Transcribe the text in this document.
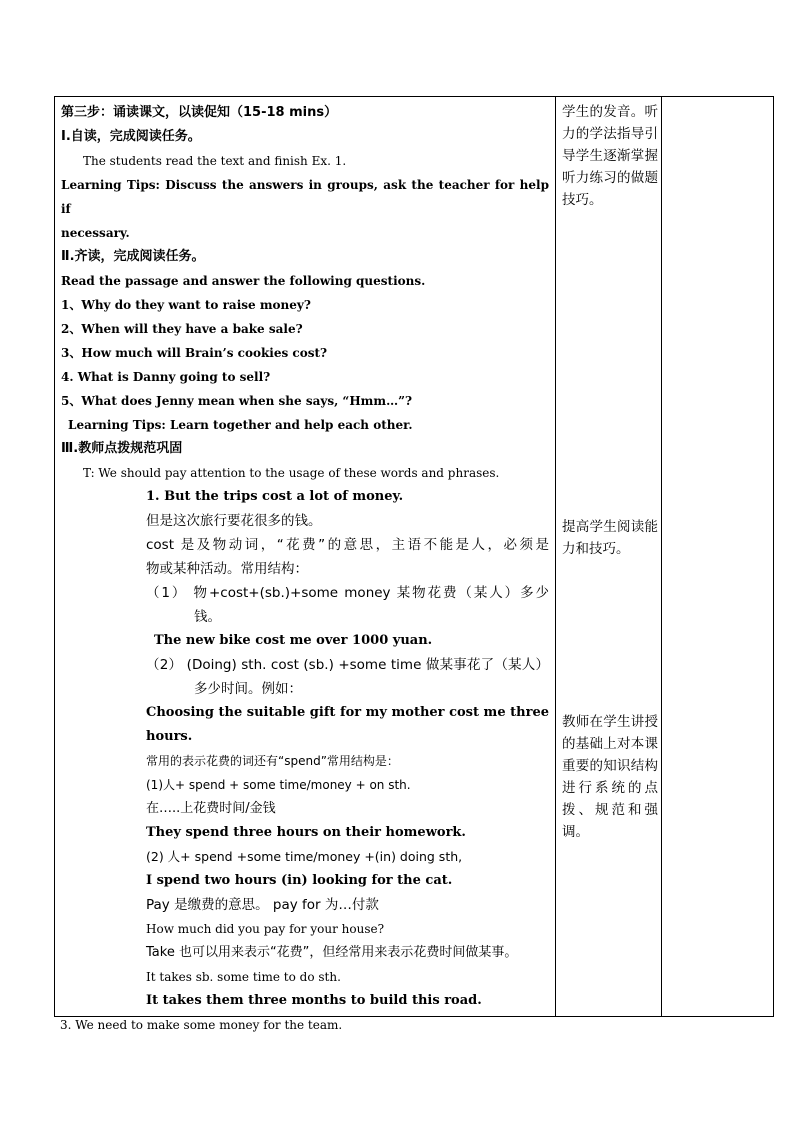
第三步：诵读课文，以读促知（15-18 mins）
Ⅰ.自读，完成阅读任务。
The students read the text and finish Ex. 1.
Learning Tips: Discuss the answers in groups, ask the teacher for help if
necessary.
Ⅱ.齐读，完成阅读任务。
Read the passage and answer the following questions.
1、Why do they want to raise money?
2、When will they have a bake sale?
3、How much will Brain’s cookies cost?
4. What is Danny going to sell?
5、What does Jenny mean when she says, “Hmm…”?
Learning Tips: Learn together and help each other.
Ⅲ.教师点拨规范巩固
T: We should pay attention to the usage of these words and phrases.
1. But the trips cost a lot of money.
但是这次旅行要花很多的钱。
cost 是及物动词，“花费”的意思，主语不能是人，必须是
物或某种活动。常用结构：
（1） 物+cost+(sb.)+some money 某物花费（某人）多少
钱。
The new bike cost me over 1000 yuan.
（2） (Doing) sth. cost (sb.) +some time 做某事花了（某人）
多少时间。例如：
Choosing the suitable gift for my mother cost me three
hours.
常用的表示花费的词还有“spend”常用结构是：
(1)人+ spend + some time/money + on sth.
在…..上花费时间/金钱
They spend three hours on their homework.
(2) 人+ spend +some time/money +(in) doing sth,
I spend two hours (in) looking for the cat.
Pay 是缴费的意思。 pay for 为…付款
How much did you pay for your house?
Take 也可以用来表示“花费”，但经常用来表示花费时间做某事。
It takes sb. some time to do sth.
It takes them three months to build this road.
3. We need to make some money for the team.
学生的发音。听力的学法指导引导学生逐渐掌握听力练习的做题技巧。
提高学生阅读能力和技巧。
教师在学生讲授的基础上对本课重要的知识结构进行系统的点拨、规范和强调。
